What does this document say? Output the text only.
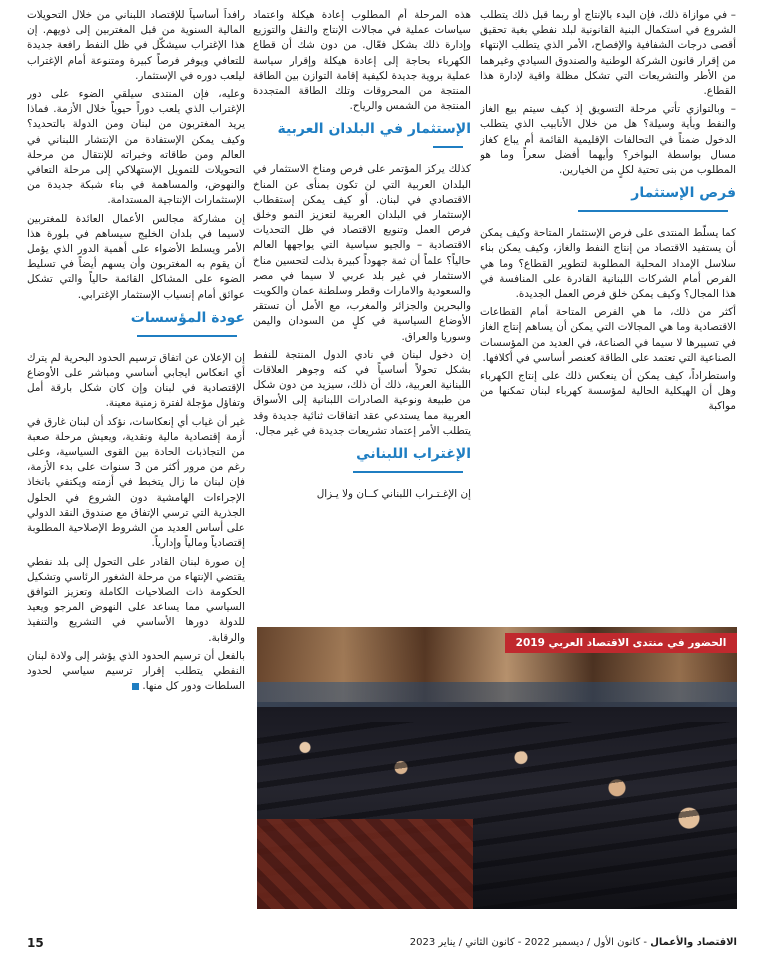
– في موازاة ذلك، فإن البدء بالإنتاج أو ربما قبل ذلك يتطلب الشروع في استكمال البنية القانونية لبلد نفطي بغية تحقيق أقصى درجات الشفافية والإفصاح، الأمر الذي يتطلب الإنتهاء من إقرار قانون الشركة الوطنية والصندوق السيادي وغيرهما من الأطر والتشريعات التي تشكل مظلة واقية لإدارة هذا القطاع.

– وبالتوازي تأتي مرحلة التسويق إذ كيف سيتم بيع الغاز والنفط وبأية وسيلة؟ هل من خلال الأنابيب الذي يتطلب الدخول ضمناً في التحالفات الإقليمية القائمة أم يباع كغاز مسال بواسطة البواخر؟ وأيهما أفضل سعراً وما هو المطلوب من بنى تحتية لكلٍ من الخيارين.

فرص الإستثمار

كما يسلّط المنتدى على فرص الإستثمار المتاحة وكيف يمكن أن يستفيد الاقتصاد من إنتاج النفط والغاز، وكيف يمكن بناء سلاسل الإمداد المحلية المطلوبة لتطوير القطاع؟ وما هي الفرص أمام الشركات اللبنانية القادرة على المنافسة في هذا المجال؟ وكيف يمكن خلق فرص العمل الجديدة.

أكثر من ذلك، ما هي الفرص المتاحة أمام القطاعات الاقتصادية وما هي المجالات التي يمكن أن يساهم إنتاج الغاز في تسييرها لا سيما في الصناعة، في العديد من المؤسسات الصناعية التي تعتمد على الطاقة كعنصر أساسي في أكلافها.

واستطراداً، كيف يمكن أن ينعكس ذلك على إنتاج الكهرباء وهل أن الهيكلية الحالية لمؤسسة كهرباء لبنان تمكنها من مواكبة

هذه المرحلة أم المطلوب إعادة هيكلة واعتماد سياسات عملية في مجالات الإنتاج والنقل والتوزيع وإدارة ذلك بشكل فعّال. من دون شك أن قطاع الكهرباء بحاجة إلى إعادة هيكلة وإقرار سياسة عملية بروية جديدة لكيفية إقامة التوازن بين الطاقة المنتجة من المحروقات وتلك الطاقة المتجددة المنتجة من الشمس والرياح.

الإستثمار في البلدان العربية

كذلك يركز المؤتمر على فرص ومناخ الاستثمار في البلدان العربية التي لن تكون بمنأى عن المناخ الاقتصادي في لبنان. أو كيف يمكن إستقطاب الإستثمار في البلدان العربية لتعزيز النمو وخلق فرص العمل وتنويع الاقتصاد في ظل التحديات الاقتصادية – والجيو سياسية التي يواجهها العالم حالياً؟ علماً أن ثمة جهوداً كبيرة بذلت لتحسين مناخ الاستثمار في غير بلد عربي لا سيما في مصر والسعودية والامارات وقطر وسلطنة عمان والكويت والبحرين والجزائر والمغرب، مع الأمل أن تستقر الأوضاع السياسية في كلٍ من السودان واليمن وسوريا والعراق.

إن دخول لبنان في نادي الدول المنتجة للنفط بشكل تحولاً أساسياً في كنه وجوهر العلاقات اللبنانية العربية، ذلك أن ذلك، سيزيد من دون شكل من طبيعة ونوعية الصادرات اللبنانية إلى الأسواق العربية مما يستدعي عقد اتفاقات ثنائية جديدة وقد يتطلب الأمر إعتماد تشريعات جديدة في غير مجال.

الإغتراب اللبناني

إن الإغـتـراب اللبناني كــان ولا يـزال

رافداً أساسياً للإقتصاد اللبناني من خلال التحويلات المالية السنوية من قبل المغتربين إلى ذويهم. إن هذا الإغتراب سيشكّل في ظل النفط رافعة جديدة للتعافي ويوفر فرصاً كبيرة ومتنوعة أمام الإغتراب ليلعب دوره في الإستثمار.

وعليه، فإن المنتدى سيلقي الضوء على دور الإغتراب الذي يلعب دوراً حيوياً خلال الأزمة. فماذا يريد المغتربون من لبنان ومن الدولة بالتحديد؟ وكيف يمكن الإستفادة من الإنتشار اللبناني في العالم ومن طاقاته وخبراته للإنتقال من مرحلة التحويلات للتمويل الإستهلاكي إلى مرحلة التعافي والنهوض، والمساهمة في بناء شبكة جديدة من الإستثمارات الإنتاجية المستدامة.

إن مشاركة مجالس الأعمال العائدة للمغتربين لاسيما في بلدان الخليج سيساهم في بلورة هذا الأمر ويسلط الأضواء على أهمية الدور الذي يؤمل أن يقوم به المغتربون وأن يسهم أيضاً في تسليط الضوء على المشاكل القائمة حالياً والتي تشكل عوائق أمام إنسياب الإستثمار الإغترابي.

عودة المؤسسات

إن الإعلان عن اتفاق ترسيم الحدود البحرية لم يترك أي انعكاس ايجابي أساسي ومباشر على الأوضاع الإقتصادية في لبنان وإن كان شكل بارقة أمل وتفاؤل مؤجلة لفترة زمنية معينة.

غير أن غياب أي إنعكاسات، نؤكد أن لبنان غارق في أزمة إقتصادية مالية ونقدية، ويعيش مرحلة صعبة من التجاذبات الحادة بين القوى السياسية، وعلى رغم من مرور أكثر من 3 سنوات على بدء الأزمة، فإن لبنان ما زال يتخبط في أزمته ويكتفي باتخاذ الإجراءات الهامشية دون الشروع في الحلول الجذرية التي ترسي الإتفاق مع صندوق النقد الدولي على أساس العديد من الشروط الإصلاحية المطلوبة إقتصادياً ومالياً وإدارياً.

إن صورة لبنان القادر على التحول إلى بلد نفطي يقتضي الإنتهاء من مرحلة الشغور الرئاسي وتشكيل الحكومة ذات الصلاحيات الكاملة وتعزيز التوافق السياسي مما يساعد على النهوض المرجو ويعيد للدولة دورها الأساسي في التشريع والتنفيذ والرقابة.

بالفعل أن ترسيم الحدود الذي يؤشر إلى ولادة لبنان النفطي يتطلب إقرار ترسيم سياسي لحدود السلطات ودور كل منها.

الحضور في منتدى الاقتصاد العربي 2019
15	الاقتصاد والأعمال - كانون الأول / ديسمبر 2022 - كانون الثاني / يناير 2023
